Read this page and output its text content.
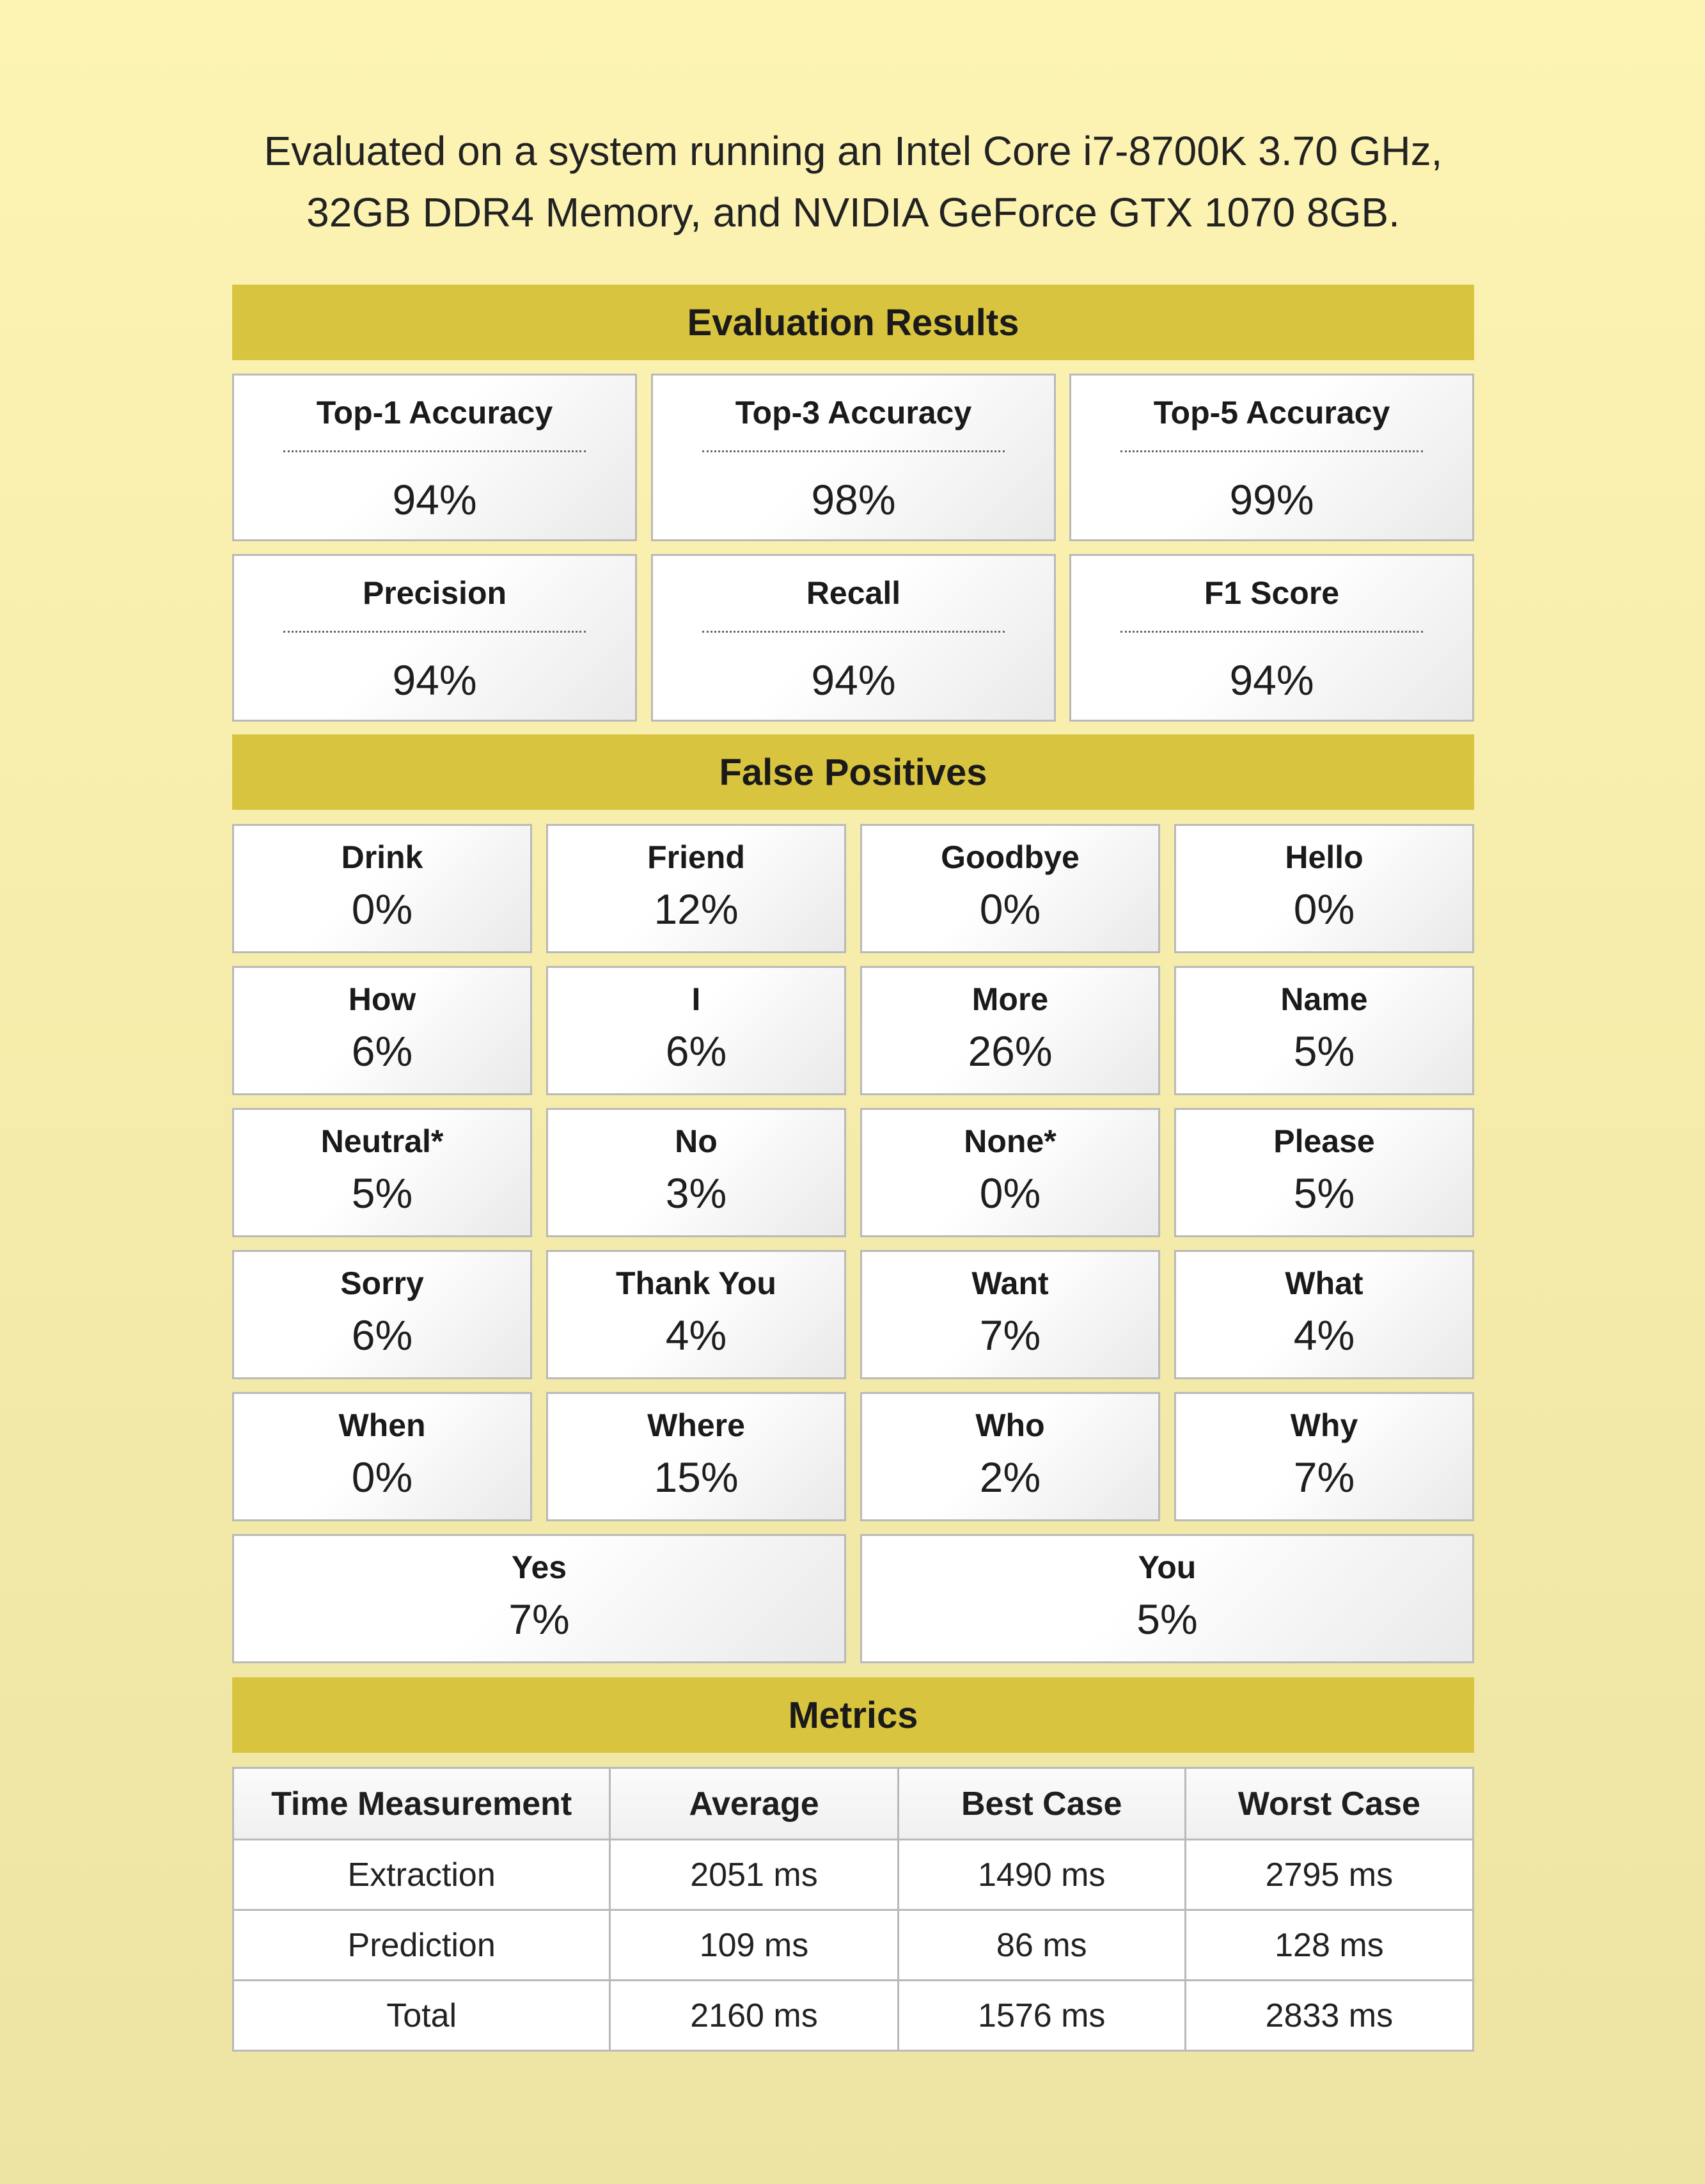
Evaluated on a system running an Intel Core i7-8700K 3.70 GHz,
32GB DDR4 Memory, and NVIDIA GeForce GTX 1070 8GB.
Evaluation Results
Top-1 Accuracy
94%
Top-3 Accuracy
98%
Top-5 Accuracy
99%
Precision
94%
Recall
94%
F1 Score
94%
False Positives
Drink
0%
Friend
12%
Goodbye
0%
Hello
0%
How
6%
I
6%
More
26%
Name
5%
Neutral*
5%
No
3%
None*
0%
Please
5%
Sorry
6%
Thank You
4%
Want
7%
What
4%
When
0%
Where
15%
Who
2%
Why
7%
Yes
7%
You
5%
Metrics
Time Measurement	Average	Best Case	Worst Case
Extraction	2051 ms	1490 ms	2795 ms
Prediction	109 ms	86 ms	128 ms
Total	2160 ms	1576 ms	2833 ms
